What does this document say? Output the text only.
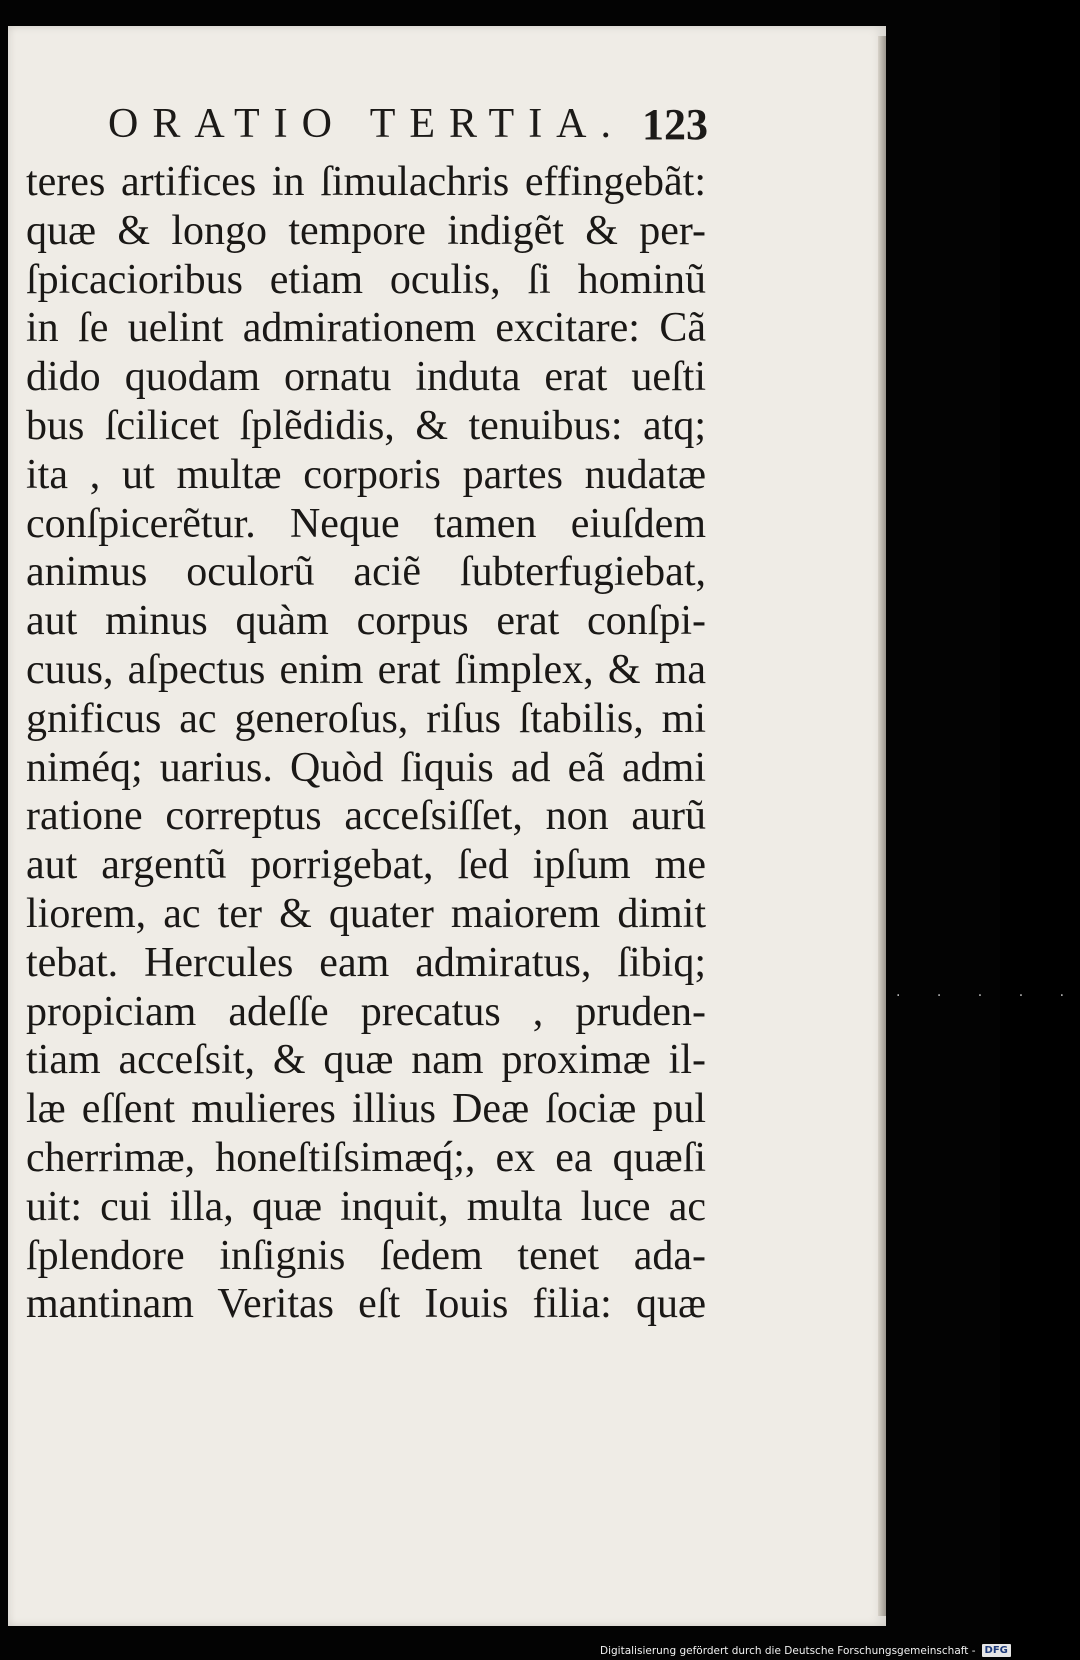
ORATIO TERTIA. 123
teres artifices in ſimulachris effingebãt:
quæ & longo tempore indigẽt & per-
ſpicacioribus etiam oculis, ſi hominũ
in ſe uelint admirationem excitare: Cã
dido quodam ornatu induta erat ueſti
bus ſcilicet ſplẽdidis, & tenuibus: atq;
ita , ut multæ corporis partes nudatæ
conſpicerẽtur. Neque tamen eiuſdem
animus oculorũ aciẽ ſubterfugiebat,
aut minus quàm corpus erat conſpi-
cuus, aſpectus enim erat ſimplex, & ma
gnificus ac generoſus, riſus ſtabilis, mi
niméq; uarius. Quòd ſiquis ad eã admi
ratione correptus acceſsiſſet, non aurũ
aut argentũ porrigebat, ſed ipſum me
liorem, ac ter & quater maiorem dimit
tebat. Hercules eam admiratus, ſibiq;
propiciam adeſſe precatus , pruden-
tiam acceſsit, & quæ nam proximæ il-
læ eſſent mulieres illius Deæ ſociæ pul
cherrimæ, honeſtiſsimæq́;, ex ea quæſi
uit: cui illa, quæ inquit, multa luce ac
ſplendore inſignis ſedem tenet ada-
mantinam Veritas eſt Iouis filia: quæ
. . . . .
Digitalisierung gefördert durch die Deutsche Forschungsgemeinschaft - DFG
